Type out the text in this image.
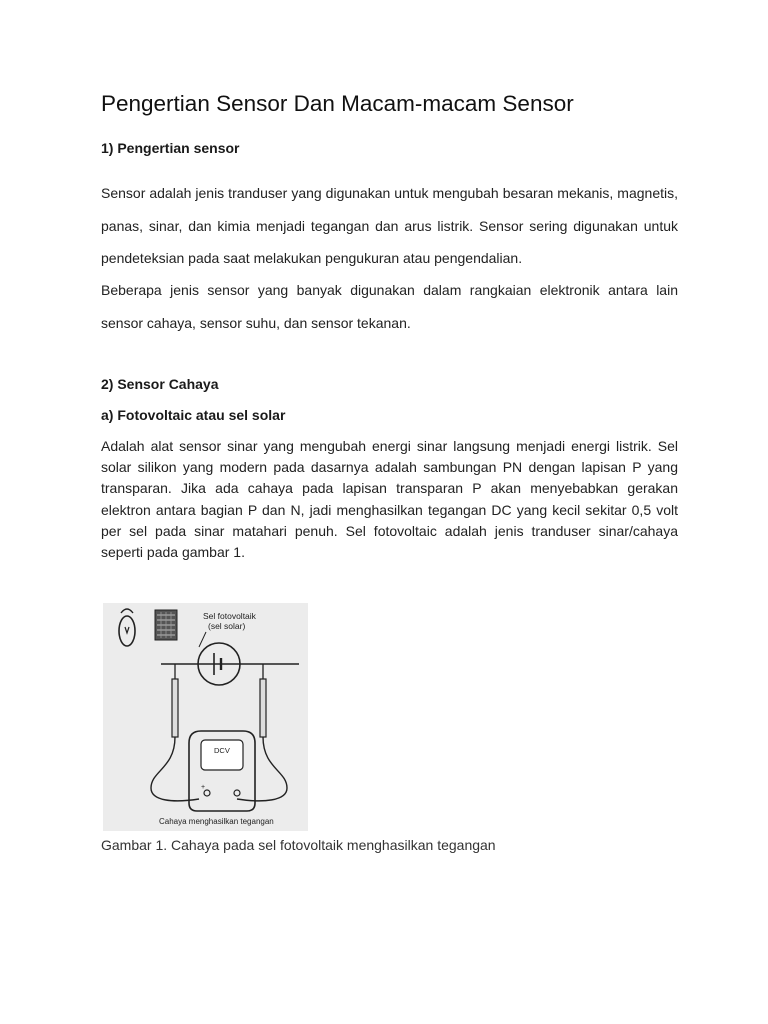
Pengertian Sensor Dan Macam-macam Sensor

1) Pengertian sensor

Sensor adalah jenis tranduser yang digunakan untuk mengubah besaran mekanis, magnetis, panas, sinar, dan kimia menjadi tegangan dan arus listrik. Sensor sering digunakan untuk pendeteksian pada saat melakukan pengukuran atau pengendalian.

Beberapa jenis sensor yang banyak digunakan dalam rangkaian elektronik antara lain sensor cahaya, sensor suhu, dan sensor tekanan.

2) Sensor Cahaya

a) Fotovoltaic atau sel solar

Adalah alat sensor sinar yang mengubah energi sinar langsung menjadi energi listrik. Sel solar silikon yang modern pada dasarnya adalah sambungan PN dengan lapisan P yang transparan. Jika ada cahaya pada lapisan transparan P akan menyebabkan gerakan elektron antara bagian P dan N, jadi menghasilkan tegangan DC yang kecil sekitar 0,5 volt per sel pada sinar matahari penuh. Sel fotovoltaic adalah jenis tranduser sinar/cahaya seperti pada gambar 1.

Sel fotovoltaik
(sel solar)
+
DCV
Cahaya menghasilkan tegangan

Gambar 1. Cahaya pada sel fotovoltaik menghasilkan tegangan
